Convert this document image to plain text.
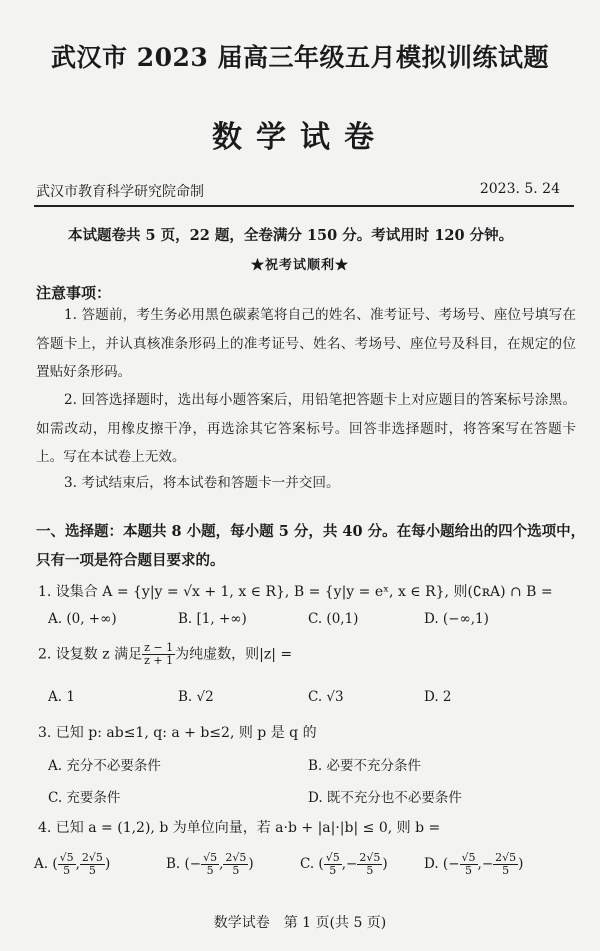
武汉市 2023 届高三年级五月模拟训练试题
数学试卷
武汉市教育科学研究院命制	2023. 5. 24
本试题卷共 5 页，22 题，全卷满分 150 分。考试用时 120 分钟。
★祝考试顺利★
注意事项：
1. 答题前，考生务必用黑色碳素笔将自己的姓名、准考证号、考场号、座位号填写在答题卡上，并认真核准条形码上的准考证号、姓名、考场号、座位号及科目，在规定的位置贴好条形码。
2. 回答选择题时，选出每小题答案后，用铅笔把答题卡上对应题目的答案标号涂黑。如需改动，用橡皮擦干净，再选涂其它答案标号。回答非选择题时，将答案写在答题卡上。写在本试卷上无效。
3. 考试结束后，将本试卷和答题卡一并交回。
一、选择题：本题共 8 小题，每小题 5 分，共 40 分。在每小题给出的四个选项中，只有一项是符合题目要求的。
1. 设集合 A = {y|y = √x + 1, x ∈ R}, B = {y|y = eˣ, x ∈ R}, 则(∁ʀA) ∩ B =
A. (0, +∞)	B. [1, +∞)	C. (0,1)	D. (−∞,1)
2. 设复数 z 满足 $\frac{z - 1}{z + 1}$ 为纯虚数，则|z| =
A. 1	B. √2	C. √3	D. 2
3. 已知 p: ab≤1, q: a + b≤2, 则 p 是 q 的
A. 充分不必要条件	B. 必要不充分条件
C. 充要条件	D. 既不充分也不必要条件
4. 已知 a = (1,2), b 为单位向量，若 a·b + |a|·|b| ≤ 0, 则 b =
A. ( $\frac{√5}{5}$ , $\frac{2√5}{5}$ )	B. (− $\frac{√5}{5}$ , $\frac{2√5}{5}$ )	C. ( $\frac{√5}{5}$ ,− $\frac{2√5}{5}$ )	D. (− $\frac{√5}{5}$ ,− $\frac{2√5}{5}$ )
数学试卷　第 1 页(共 5 页)
